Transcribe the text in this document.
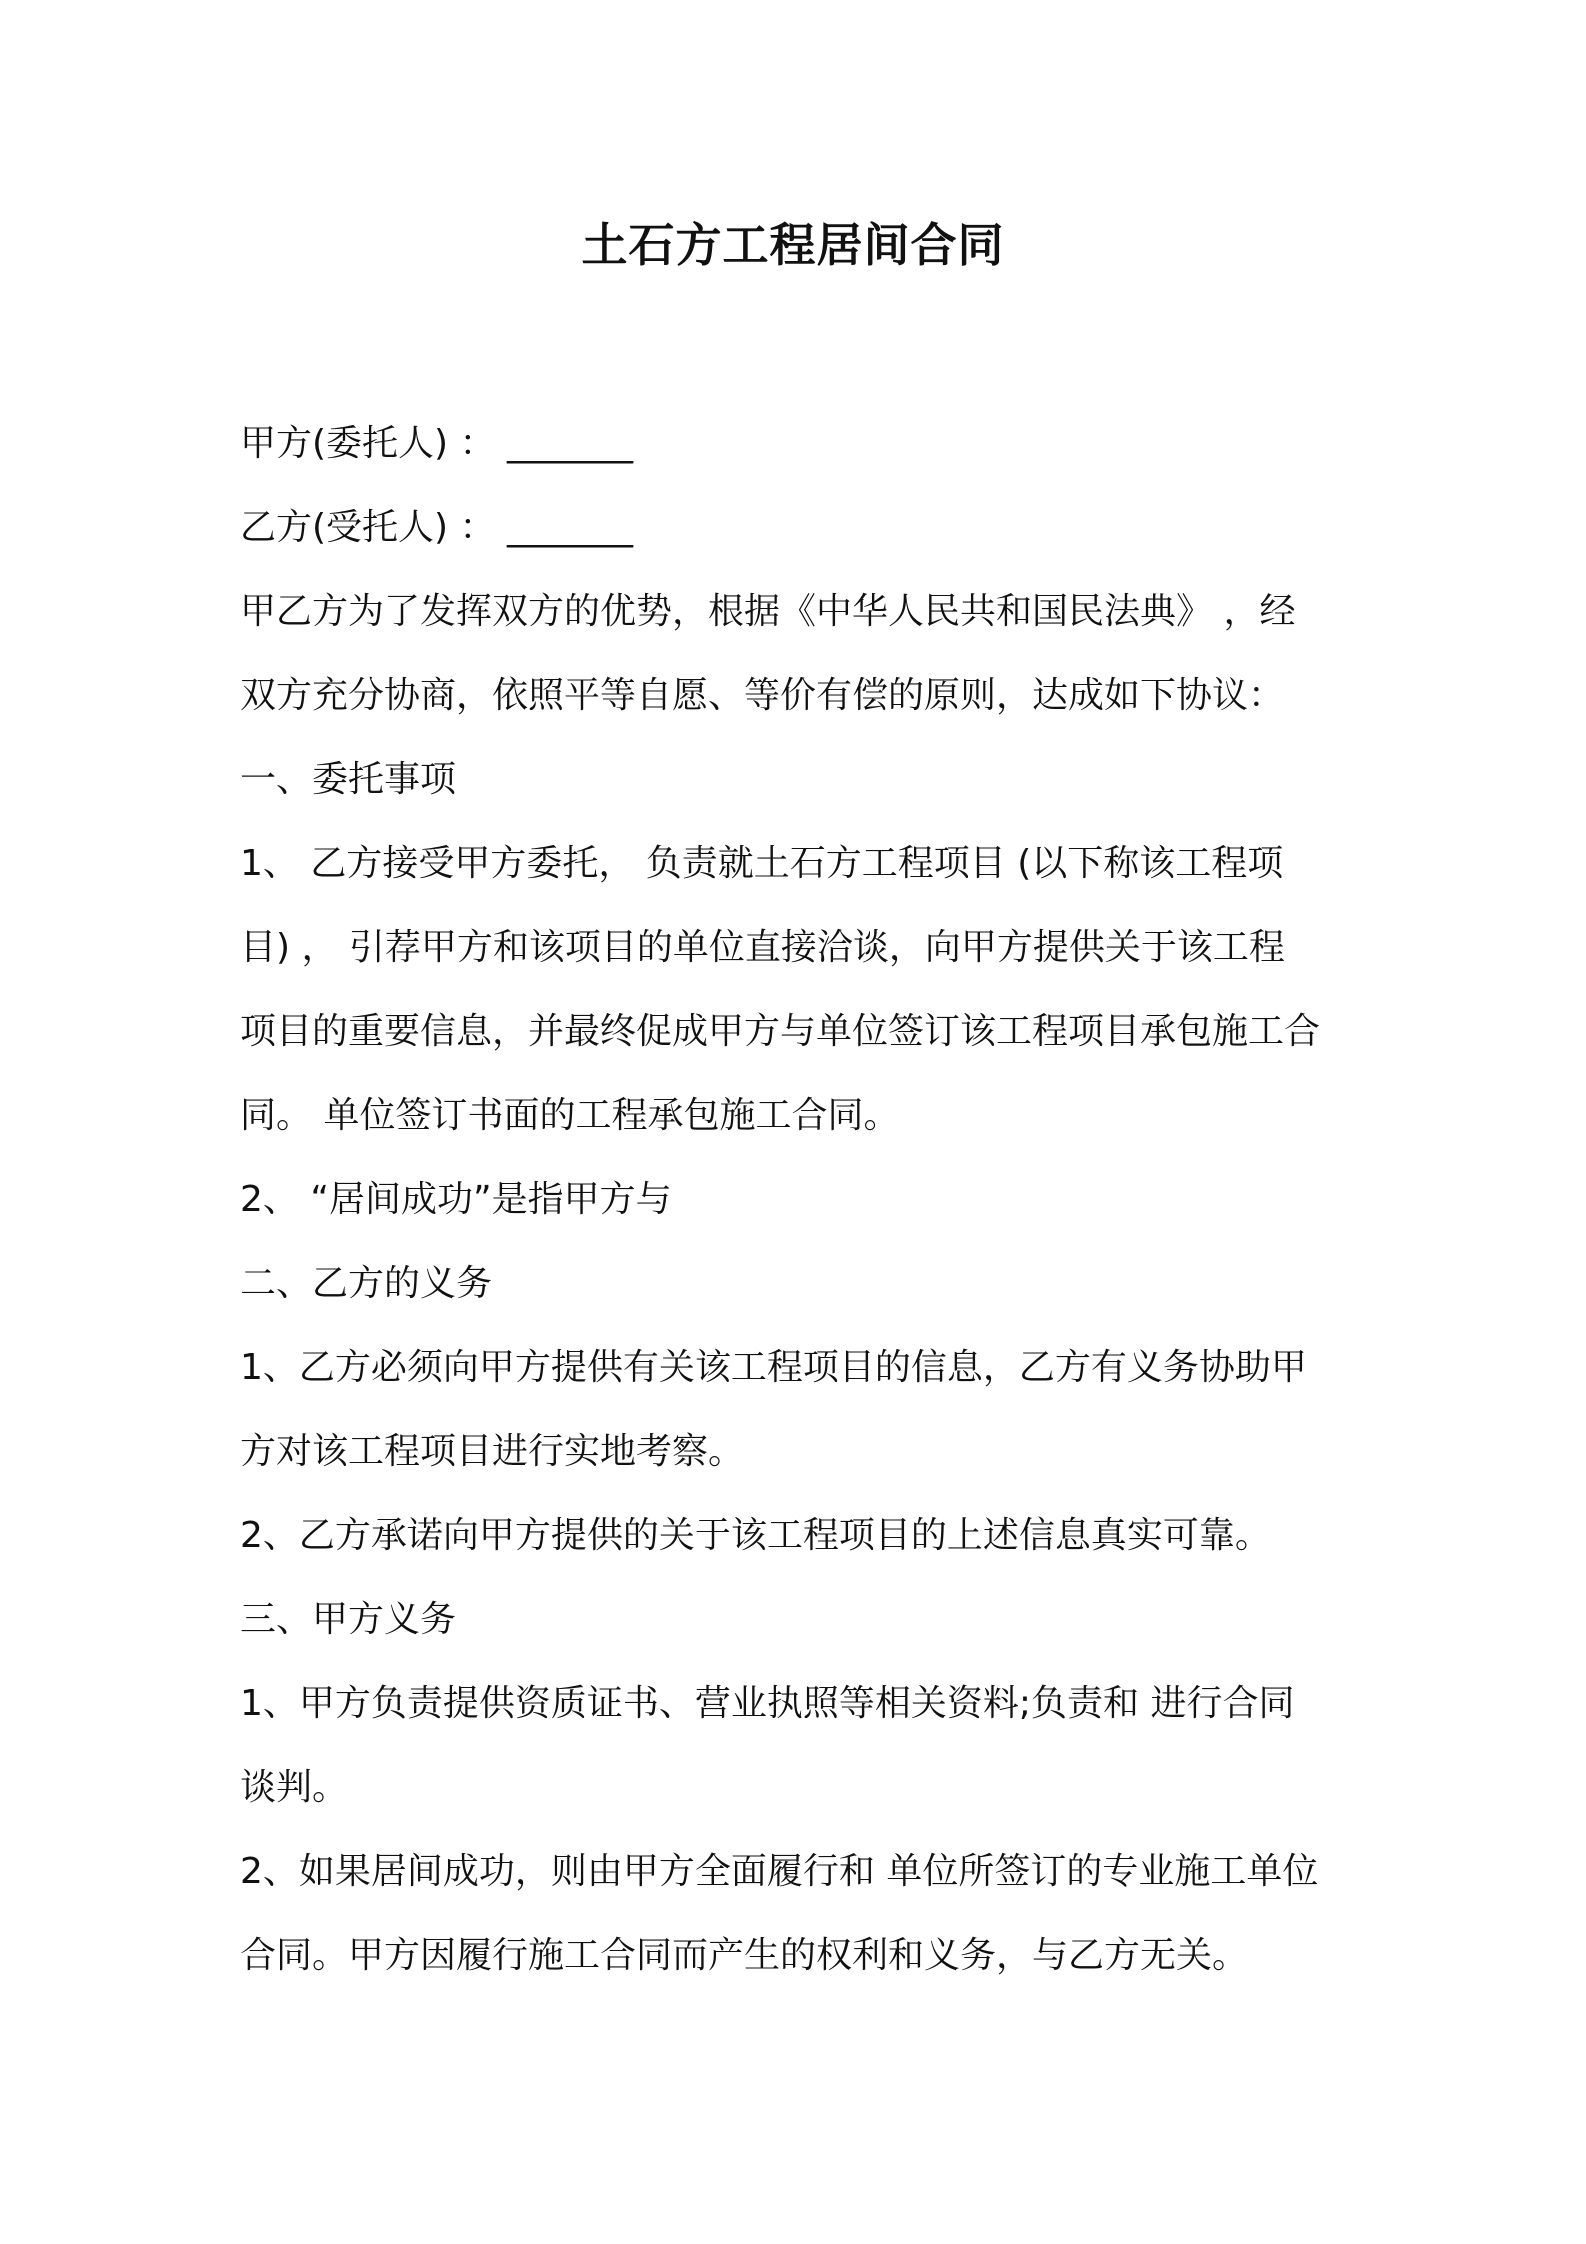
土石方工程居间合同
甲方(委托人) ： _______
乙方(受托人) ： _______
甲乙方为了发挥双方的优势，根据《中华人民共和国民法典》 ，经
双方充分协商，依照平等自愿、等价有偿的原则，达成如下协议：
一、委托事项
1、 乙方接受甲方委托， 负责就土石方工程项目 (以下称该工程项
目) ， 引荐甲方和该项目的单位直接洽谈，向甲方提供关于该工程
项目的重要信息，并最终促成甲方与单位签订该工程项目承包施工合
同。 单位签订书面的工程承包施工合同。
2、 “居间成功”是指甲方与
二、乙方的义务
1、乙方必须向甲方提供有关该工程项目的信息，乙方有义务协助甲
方对该工程项目进行实地考察。
2、乙方承诺向甲方提供的关于该工程项目的上述信息真实可靠。
三、甲方义务
1、甲方负责提供资质证书、营业执照等相关资料;负责和 进行合同
谈判。
2、如果居间成功，则由甲方全面履行和 单位所签订的专业施工单位
合同。甲方因履行施工合同而产生的权利和义务，与乙方无关。
